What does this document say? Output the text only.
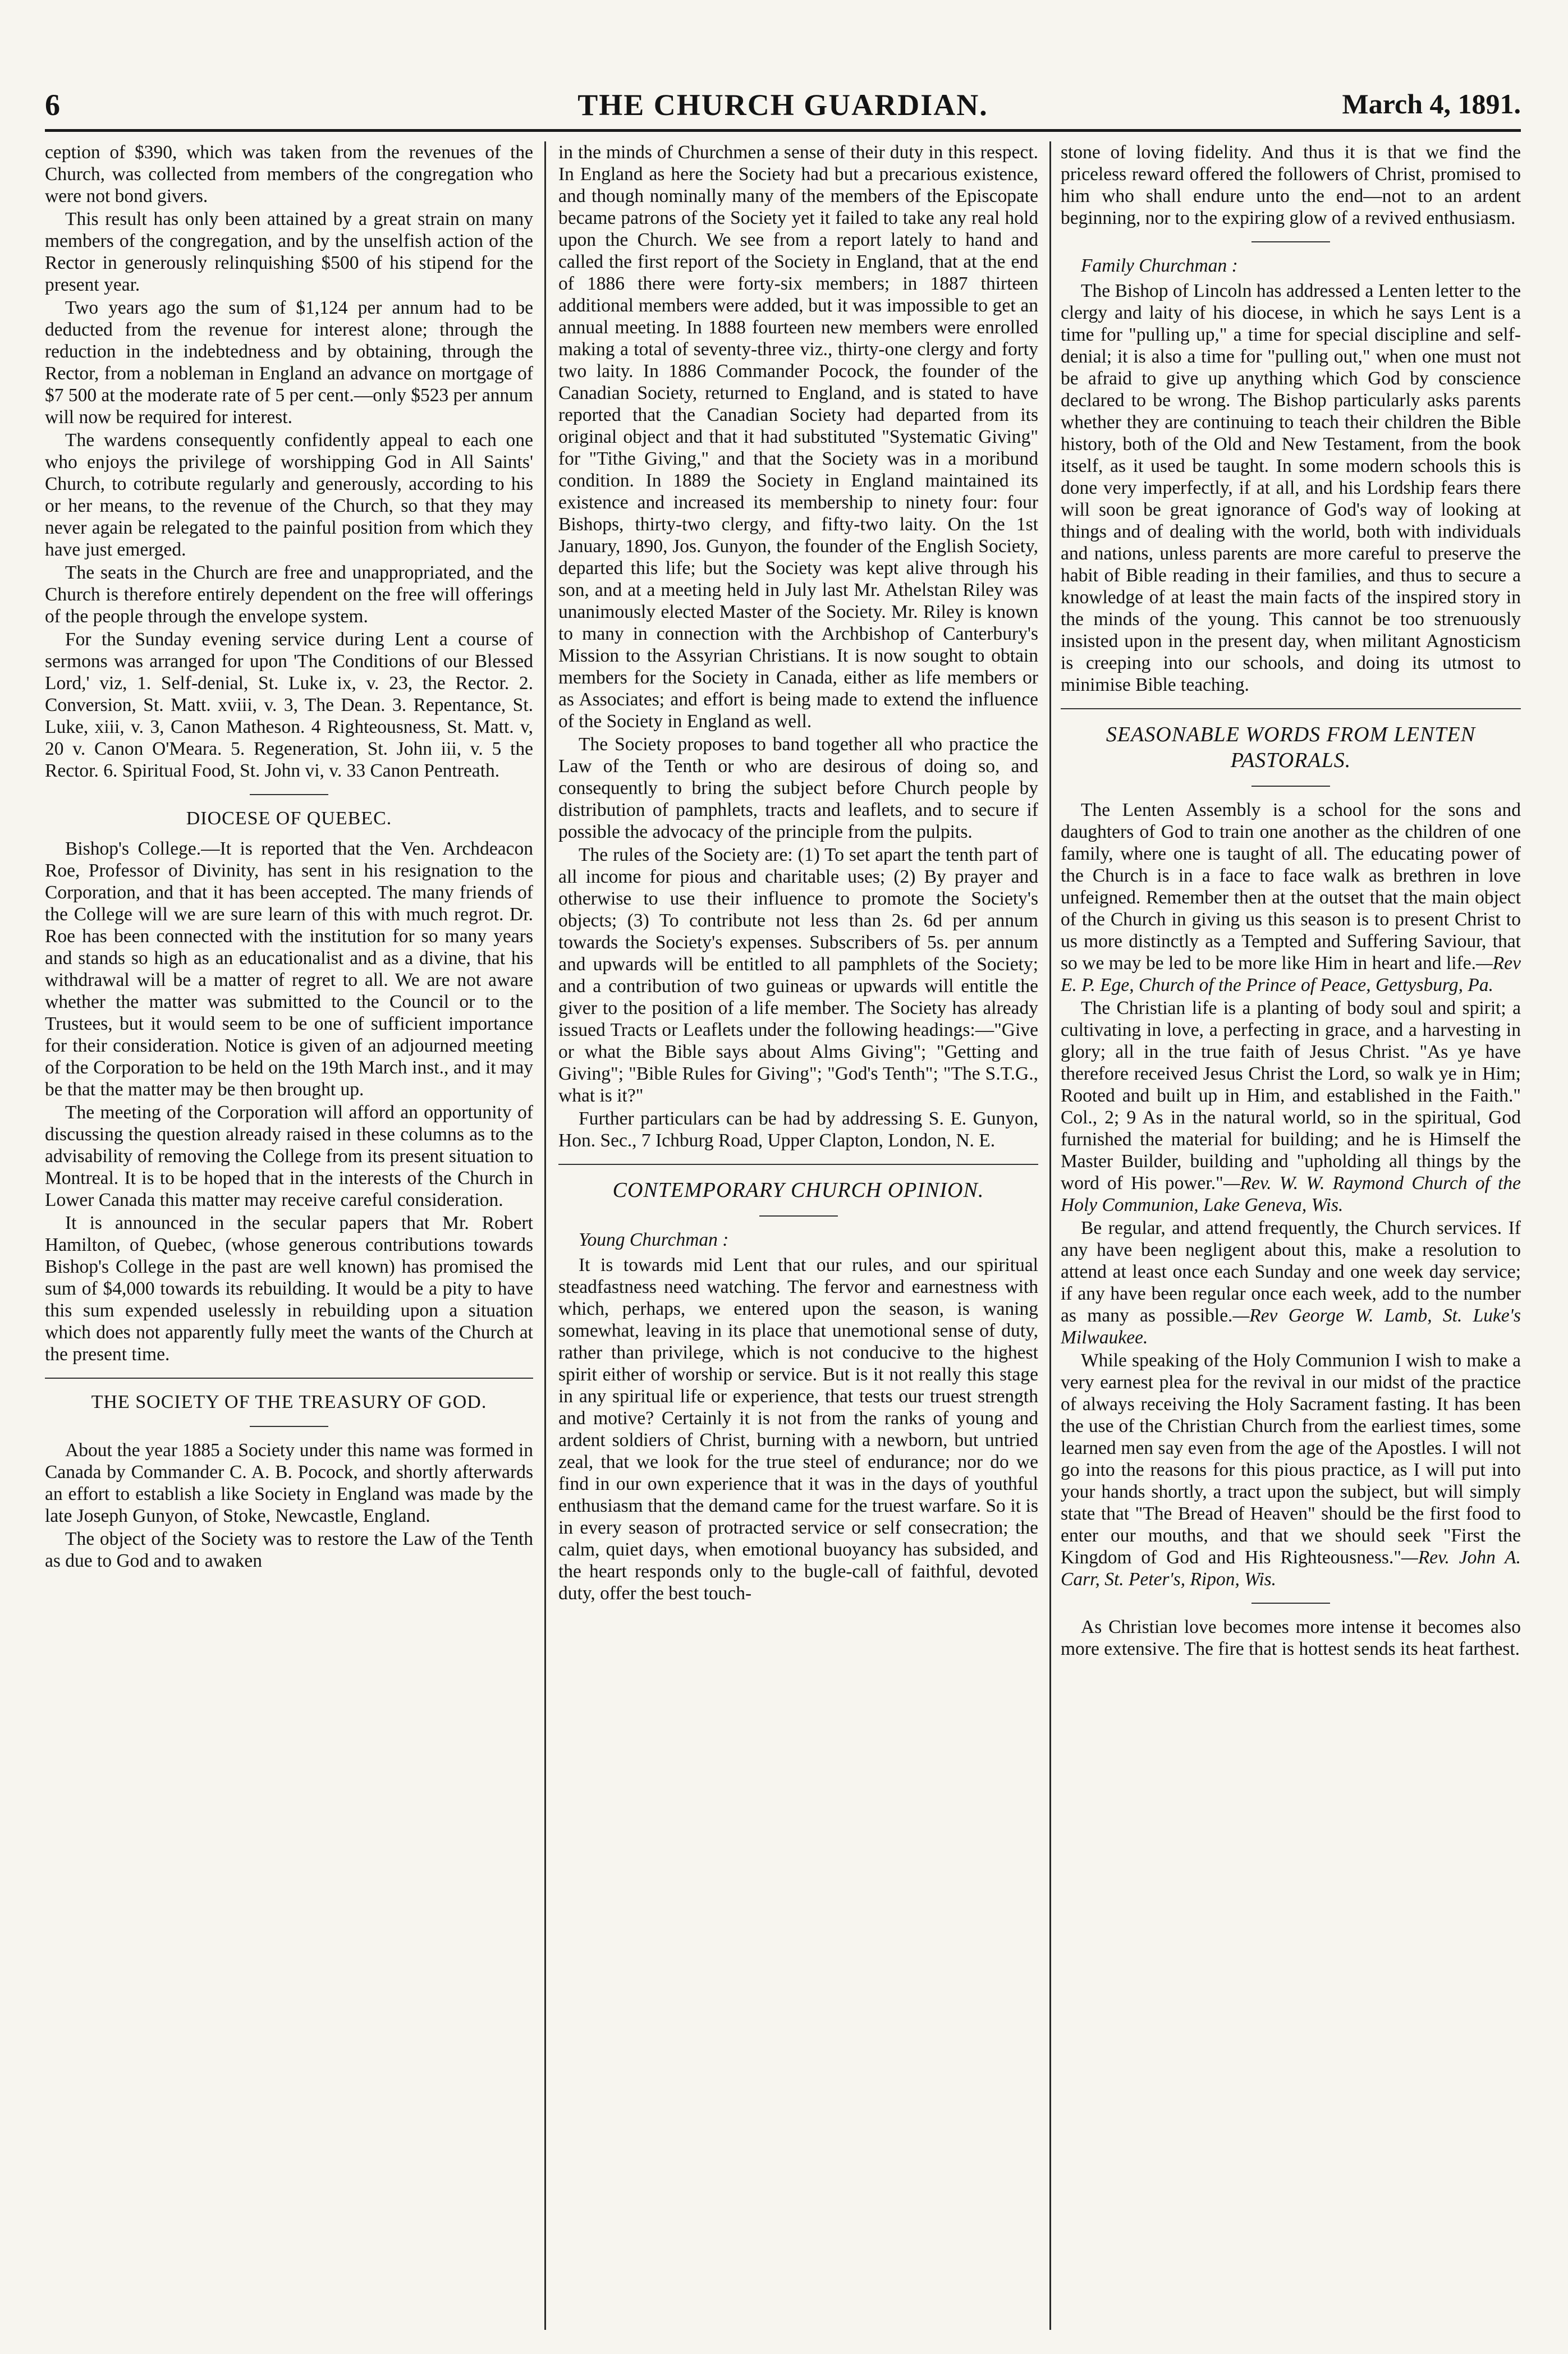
6	THE CHURCH GUARDIAN.	March 4, 1891.

ception of $390, which was taken from the revenues of the Church, was collected from members of the congregation who were not bond givers.

This result has only been attained by a great strain on many members of the congregation, and by the unselfish action of the Rector in generously relinquishing $500 of his stipend for the present year.

Two years ago the sum of $1,124 per annum had to be deducted from the revenue for interest alone; through the reduction in the indebtedness and by obtaining, through the Rector, from a nobleman in England an advance on mortgage of $7 500 at the moderate rate of 5 per cent.—only $523 per annum will now be required for interest.

The wardens consequently confidently appeal to each one who enjoys the privilege of worshipping God in All Saints' Church, to cotribute regularly and generously, according to his or her means, to the revenue of the Church, so that they may never again be relegated to the painful position from which they have just emerged.

The seats in the Church are free and unappropriated, and the Church is therefore entirely dependent on the free will offerings of the people through the envelope system.

For the Sunday evening service during Lent a course of sermons was arranged for upon 'The Conditions of our Blessed Lord,' viz, 1. Self-denial, St. Luke ix, v. 23, the Rector. 2. Conversion, St. Matt. xviii, v. 3, The Dean. 3. Repentance, St. Luke, xiii, v. 3, Canon Matheson. 4 Righteousness, St. Matt. v, 20 v. Canon O'Meara. 5. Regeneration, St. John iii, v. 5 the Rector. 6. Spiritual Food, St. John vi, v. 33 Canon Pentreath.

DIOCESE OF QUEBEC.

Bishop's College.—It is reported that the Ven. Archdeacon Roe, Professor of Divinity, has sent in his resignation to the Corporation, and that it has been accepted. The many friends of the College will we are sure learn of this with much regrot. Dr. Roe has been connected with the institution for so many years and stands so high as an educationalist and as a divine, that his withdrawal will be a matter of regret to all. We are not aware whether the matter was submitted to the Council or to the Trustees, but it would seem to be one of sufficient importance for their consideration. Notice is given of an adjourned meeting of the Corporation to be held on the 19th March inst., and it may be that the matter may be then brought up.

The meeting of the Corporation will afford an opportunity of discussing the question already raised in these columns as to the advisability of removing the College from its present situation to Montreal. It is to be hoped that in the interests of the Church in Lower Canada this matter may receive careful consideration.

It is announced in the secular papers that Mr. Robert Hamilton, of Quebec, (whose generous contributions towards Bishop's College in the past are well known) has promised the sum of $4,000 towards its rebuilding. It would be a pity to have this sum expended uselessly in rebuilding upon a situation which does not apparently fully meet the wants of the Church at the present time.

THE SOCIETY OF THE TREASURY OF GOD.

About the year 1885 a Society under this name was formed in Canada by Commander C. A. B. Pocock, and shortly afterwards an effort to establish a like Society in England was made by the late Joseph Gunyon, of Stoke, Newcastle, England.

The object of the Society was to restore the Law of the Tenth as due to God and to awaken

in the minds of Churchmen a sense of their duty in this respect. In England as here the Society had but a precarious existence, and though nominally many of the members of the Episcopate became patrons of the Society yet it failed to take any real hold upon the Church. We see from a report lately to hand and called the first report of the Society in England, that at the end of 1886 there were forty-six members; in 1887 thirteen additional members were added, but it was impossible to get an annual meeting. In 1888 fourteen new members were enrolled making a total of seventy-three viz., thirty-one clergy and forty two laity. In 1886 Commander Pocock, the founder of the Canadian Society, returned to England, and is stated to have reported that the Canadian Society had departed from its original object and that it had substituted "Systematic Giving" for "Tithe Giving," and that the Society was in a moribund condition. In 1889 the Society in England maintained its existence and increased its membership to ninety four: four Bishops, thirty-two clergy, and fifty-two laity. On the 1st January, 1890, Jos. Gunyon, the founder of the English Society, departed this life; but the Society was kept alive through his son, and at a meeting held in July last Mr. Athelstan Riley was unanimously elected Master of the Society. Mr. Riley is known to many in connection with the Archbishop of Canterbury's Mission to the Assyrian Christians. It is now sought to obtain members for the Society in Canada, either as life members or as Associates; and effort is being made to extend the influence of the Society in England as well.

The Society proposes to band together all who practice the Law of the Tenth or who are desirous of doing so, and consequently to bring the subject before Church people by distribution of pamphlets, tracts and leaflets, and to secure if possible the advocacy of the principle from the pulpits.

The rules of the Society are: (1) To set apart the tenth part of all income for pious and charitable uses; (2) By prayer and otherwise to use their influence to promote the Society's objects; (3) To contribute not less than 2s. 6d per annum towards the Society's expenses. Subscribers of 5s. per annum and upwards will be entitled to all pamphlets of the Society; and a contribution of two guineas or upwards will entitle the giver to the position of a life member. The Society has already issued Tracts or Leaflets under the following headings:—"Give or what the Bible says about Alms Giving"; "Getting and Giving"; "Bible Rules for Giving"; "God's Tenth"; "The S.T.G., what is it?"

Further particulars can be had by addressing S. E. Gunyon, Hon. Sec., 7 Ichburg Road, Upper Clapton, London, N. E.

CONTEMPORARY CHURCH OPINION.
Young Churchman :

It is towards mid Lent that our rules, and our spiritual steadfastness need watching. The fervor and earnestness with which, perhaps, we entered upon the season, is waning somewhat, leaving in its place that unemotional sense of duty, rather than privilege, which is not conducive to the highest spirit either of worship or service. But is it not really this stage in any spiritual life or experience, that tests our truest strength and motive? Certainly it is not from the ranks of young and ardent soldiers of Christ, burning with a newborn, but untried zeal, that we look for the true steel of endurance; nor do we find in our own experience that it was in the days of youthful enthusiasm that the demand came for the truest warfare. So it is in every season of protracted service or self consecration; the calm, quiet days, when emotional buoyancy has subsided, and the heart responds only to the bugle-call of faithful, devoted duty, offer the best touch-

stone of loving fidelity. And thus it is that we find the priceless reward offered the followers of Christ, promised to him who shall endure unto the end—not to an ardent beginning, nor to the expiring glow of a revived enthusiasm.

Family Churchman :

The Bishop of Lincoln has addressed a Lenten letter to the clergy and laity of his diocese, in which he says Lent is a time for "pulling up," a time for special discipline and self-denial; it is also a time for "pulling out," when one must not be afraid to give up anything which God by conscience declared to be wrong. The Bishop particularly asks parents whether they are continuing to teach their children the Bible history, both of the Old and New Testament, from the book itself, as it used be taught. In some modern schools this is done very imperfectly, if at all, and his Lordship fears there will soon be great ignorance of God's way of looking at things and of dealing with the world, both with individuals and nations, unless parents are more careful to preserve the habit of Bible reading in their families, and thus to secure a knowledge of at least the main facts of the inspired story in the minds of the young. This cannot be too strenuously insisted upon in the present day, when militant Agnosticism is creeping into our schools, and doing its utmost to minimise Bible teaching.

SEASONABLE WORDS FROM LENTEN PASTORALS.

The Lenten Assembly is a school for the sons and daughters of God to train one another as the children of one family, where one is taught of all. The educating power of the Church is in a face to face walk as brethren in love unfeigned. Remember then at the outset that the main object of the Church in giving us this season is to present Christ to us more distinctly as a Tempted and Suffering Saviour, that so we may be led to be more like Him in heart and life.—Rev E. P. Ege, Church of the Prince of Peace, Gettysburg, Pa.

The Christian life is a planting of body soul and spirit; a cultivating in love, a perfecting in grace, and a harvesting in glory; all in the true faith of Jesus Christ. "As ye have therefore received Jesus Christ the Lord, so walk ye in Him; Rooted and built up in Him, and established in the Faith." Col., 2; 9 As in the natural world, so in the spiritual, God furnished the material for building; and he is Himself the Master Builder, building and "upholding all things by the word of His power."—Rev. W. W. Raymond Church of the Holy Communion, Lake Geneva, Wis.

Be regular, and attend frequently, the Church services. If any have been negligent about this, make a resolution to attend at least once each Sunday and one week day service; if any have been regular once each week, add to the number as many as possible.—Rev George W. Lamb, St. Luke's Milwaukee.

While speaking of the Holy Communion I wish to make a very earnest plea for the revival in our midst of the practice of always receiving the Holy Sacrament fasting. It has been the use of the Christian Church from the earliest times, some learned men say even from the age of the Apostles. I will not go into the reasons for this pious practice, as I will put into your hands shortly, a tract upon the subject, but will simply state that "The Bread of Heaven" should be the first food to enter our mouths, and that we should seek "First the Kingdom of God and His Righteousness."—Rev. John A. Carr, St. Peter's, Ripon, Wis.

As Christian love becomes more intense it becomes also more extensive. The fire that is hottest sends its heat farthest.
